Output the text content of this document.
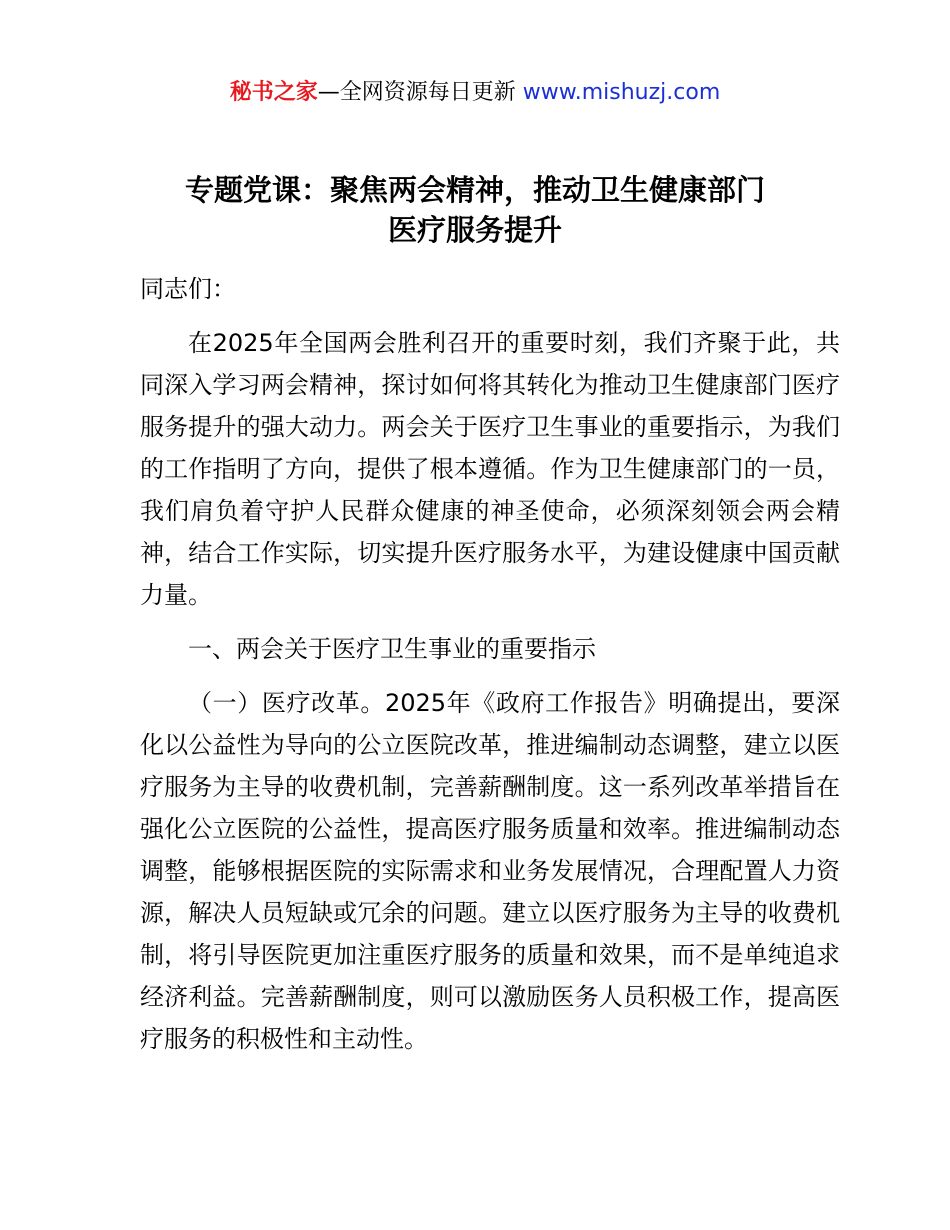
秘书之家—全网资源每日更新 www.mishuzj.com
专题党课：聚焦两会精神，推动卫生健康部门
医疗服务提升

同志们：

在2025年全国两会胜利召开的重要时刻，我们齐聚于此，共同深入学习两会精神，探讨如何将其转化为推动卫生健康部门医疗服务提升的强大动力。两会关于医疗卫生事业的重要指示，为我们的工作指明了方向，提供了根本遵循。作为卫生健康部门的一员，我们肩负着守护人民群众健康的神圣使命，必须深刻领会两会精神，结合工作实际，切实提升医疗服务水平，为建设健康中国贡献力量。

一、两会关于医疗卫生事业的重要指示

（一）医疗改革。2025年《政府工作报告》明确提出，要深化以公益性为导向的公立医院改革，推进编制动态调整，建立以医疗服务为主导的收费机制，完善薪酬制度。这一系列改革举措旨在强化公立医院的公益性，提高医疗服务质量和效率。推进编制动态调整，能够根据医院的实际需求和业务发展情况，合理配置人力资源，解决人员短缺或冗余的问题。建立以医疗服务为主导的收费机制，将引导医院更加注重医疗服务的质量和效果，而不是单纯追求经济利益。完善薪酬制度，则可以激励医务人员积极工作，提高医疗服务的积极性和主动性。
